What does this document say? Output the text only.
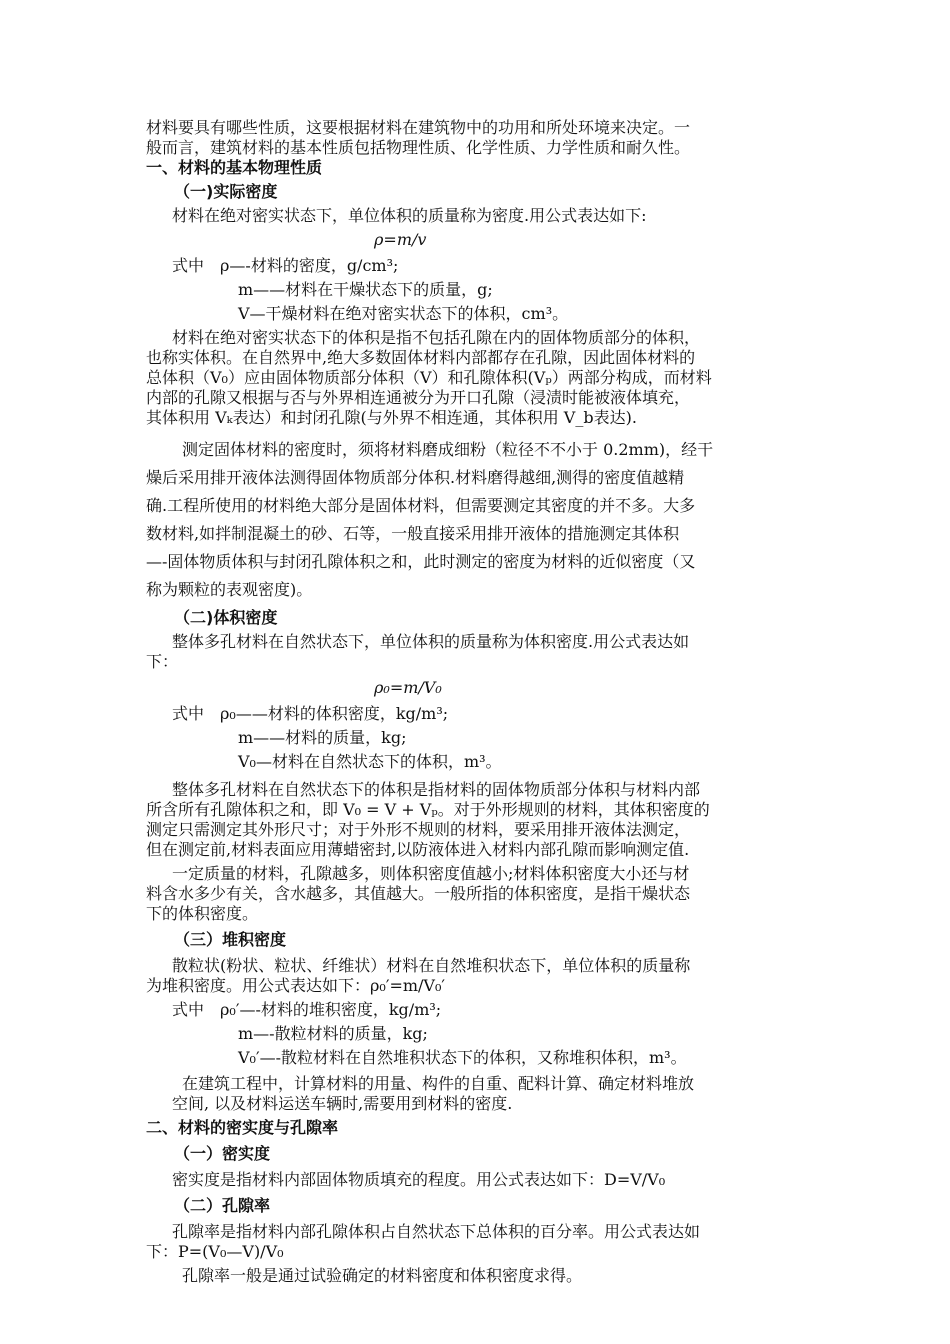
材料要具有哪些性质，这要根据材料在建筑物中的功用和所处环境来决定。一
般而言，建筑材料的基本性质包括物理性质、化学性质、力学性质和耐久性。
一、材料的基本物理性质
（一)实际密度
材料在绝对密实状态下，单位体积的质量称为密度.用公式表达如下:
ρ=m/v
式中　ρ—-材料的密度，g/cm³;
m——材料在干燥状态下的质量，g;
V—干燥材料在绝对密实状态下的体积，cm³。
材料在绝对密实状态下的体积是指不包括孔隙在内的固体物质部分的体积，
也称实体积。在自然界中,绝大多数固体材料内部都存在孔隙，因此固体材料的
总体积（V₀）应由固体物质部分体积（V）和孔隙体积(Vₚ）两部分构成，而材料
内部的孔隙又根据与否与外界相连通被分为开口孔隙（浸渍时能被液体填充，
其体积用 Vₖ表达）和封闭孔隙(与外界不相连通，其体积用 V_b表达).
测定固体材料的密度时，须将材料磨成细粉（粒径不不小于 0.2mm)，经干
燥后采用排开液体法测得固体物质部分体积.材料磨得越细,测得的密度值越精
确.工程所使用的材料绝大部分是固体材料，但需要测定其密度的并不多。大多
数材料,如拌制混凝土的砂、石等，一般直接采用排开液体的措施测定其体积
—-固体物质体积与封闭孔隙体积之和，此时测定的密度为材料的近似密度（又
称为颗粒的表观密度)。
（二)体积密度
整体多孔材料在自然状态下，单位体积的质量称为体积密度.用公式表达如
下：
ρ₀=m/V₀
式中　ρ₀——材料的体积密度，kg/m³;
m——材料的质量，kg;
V₀—材料在自然状态下的体积，m³。
整体多孔材料在自然状态下的体积是指材料的固体物质部分体积与材料内部
所含所有孔隙体积之和，即 V₀ = V + Vₚ。对于外形规则的材料，其体积密度的
测定只需测定其外形尺寸；对于外形不规则的材料，要采用排开液体法测定，
但在测定前,材料表面应用薄蜡密封,以防液体进入材料内部孔隙而影响测定值.
一定质量的材料，孔隙越多，则体积密度值越小;材料体积密度大小还与材
料含水多少有关，含水越多，其值越大。一般所指的体积密度，是指干燥状态
下的体积密度。
（三）堆积密度
散粒状(粉状、粒状、纤维状）材料在自然堆积状态下，单位体积的质量称
为堆积密度。用公式表达如下：ρ₀′=m/V₀′
式中　ρ₀′—-材料的堆积密度，kg/m³;
m—-散粒材料的质量，kg;
V₀′—-散粒材料在自然堆积状态下的体积，又称堆积体积，m³。
在建筑工程中，计算材料的用量、构件的自重、配料计算、确定材料堆放
空间, 以及材料运送车辆时,需要用到材料的密度.
二、材料的密实度与孔隙率
（一）密实度
密实度是指材料内部固体物质填充的程度。用公式表达如下：D=V/V₀
（二）孔隙率
孔隙率是指材料内部孔隙体积占自然状态下总体积的百分率。用公式表达如
下：P=(V₀—V)/V₀
孔隙率一般是通过试验确定的材料密度和体积密度求得。
